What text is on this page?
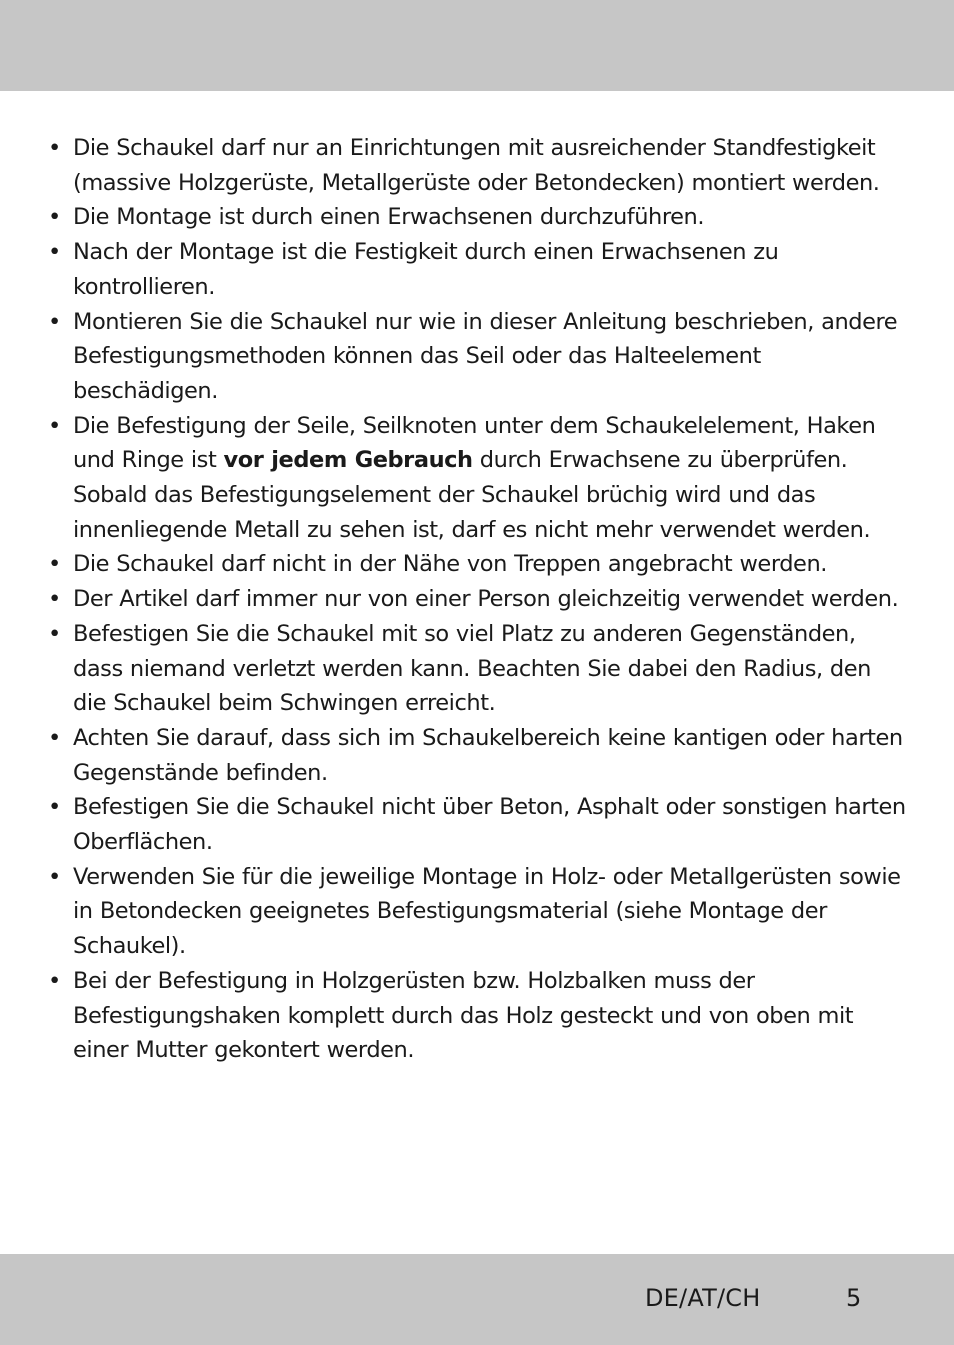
• Die Schaukel darf nur an Einrichtungen mit ausreichender Standfestigkeit (massive Holzgerüste, Metallgerüste oder Betondecken) montiert werden.
• Die Montage ist durch einen Erwachsenen durchzuführen.
• Nach der Montage ist die Festigkeit durch einen Erwachsenen zu kontrollieren.
• Montieren Sie die Schaukel nur wie in dieser Anleitung beschrieben, andere Befestigungsmethoden können das Seil oder das Halteelement beschädigen.
• Die Befestigung der Seile, Seilknoten unter dem Schaukelelement, Haken und Ringe ist vor jedem Gebrauch durch Erwachsene zu überprüfen. Sobald das Befestigungselement der Schaukel brüchig wird und das innenliegende Metall zu sehen ist, darf es nicht mehr verwendet werden.
• Die Schaukel darf nicht in der Nähe von Treppen angebracht werden.
• Der Artikel darf immer nur von einer Person gleichzeitig verwendet werden.
• Befestigen Sie die Schaukel mit so viel Platz zu anderen Gegenständen, dass niemand verletzt werden kann. Beachten Sie dabei den Radius, den die Schaukel beim Schwingen erreicht.
• Achten Sie darauf, dass sich im Schaukelbereich keine kantigen oder harten Gegenstände befinden.
• Befestigen Sie die Schaukel nicht über Beton, Asphalt oder sonstigen harten Oberflächen.
• Verwenden Sie für die jeweilige Montage in Holz- oder Metallgerüsten sowie in Betondecken geeignetes Befestigungsmaterial (siehe Montage der Schaukel).
• Bei der Befestigung in Holzgerüsten bzw. Holzbalken muss der Befestigungshaken komplett durch das Holz gesteckt und von oben mit einer Mutter gekontert werden.
DE/AT/CH	5
